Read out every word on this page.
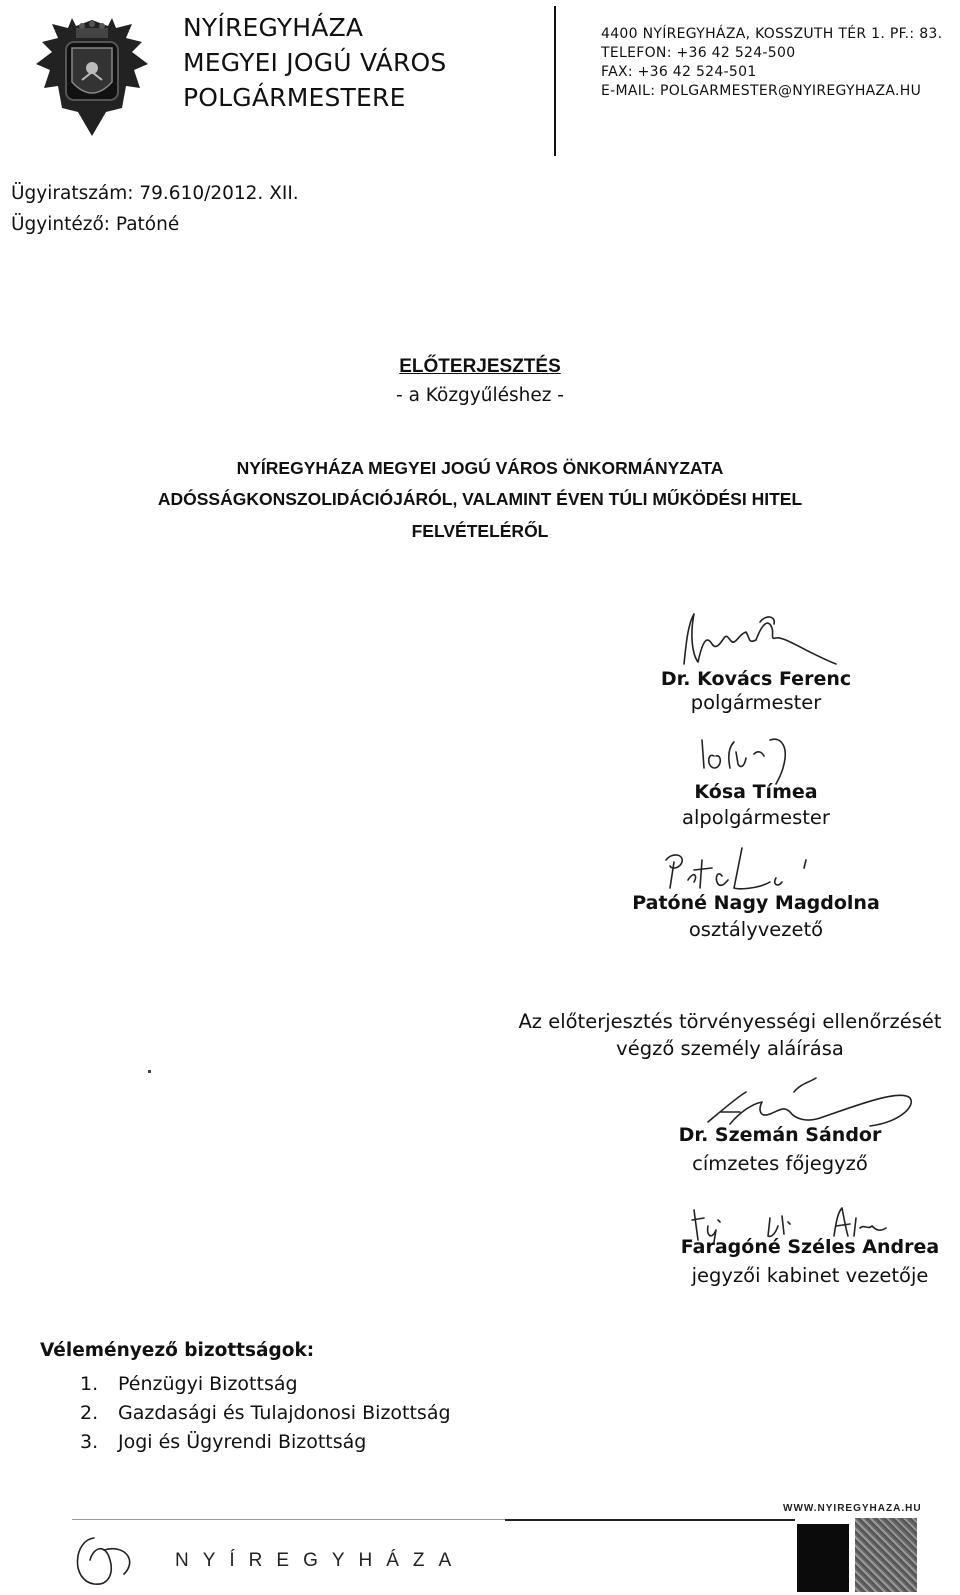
NYÍREGYHÁZA
MEGYEI JOGÚ VÁROS
POLGÁRMESTERE
4400 NYÍREGYHÁZA, KOSSZUTH TÉR 1. PF.: 83.
TELEFON: +36 42 524-500
FAX: +36 42 524-501
E-MAIL: POLGARMESTER@NYIREGYHAZA.HU
Ügyiratszám: 79.610/2012. XII.
Ügyintéző: Patóné
ELŐTERJESZTÉS
- a Közgyűléshez -
NYÍREGYHÁZA MEGYEI JOGÚ VÁROS ÖNKORMÁNYZATA
ADÓSSÁGKONSZOLIDÁCIÓJÁRÓL, VALAMINT ÉVEN TÚLI MŰKÖDÉSI HITEL
FELVÉTELÉRŐL
Dr. Kovács Ferenc
polgármester
Kósa Tímea
alpolgármester
Patóné Nagy Magdolna
osztályvezető
Az előterjesztés törvényességi ellenőrzését
végző személy aláírása
Dr. Szemán Sándor
címzetes főjegyző
Faragóné Széles Andrea
jegyzői kabinet vezetője
Véleményező bizottságok:
1. Pénzügyi Bizottság
2. Gazdasági és Tulajdonosi Bizottság
3. Jogi és Ügyrendi Bizottság
WWW.NYIREGYHAZA.HU
NYÍREGYHÁZA
